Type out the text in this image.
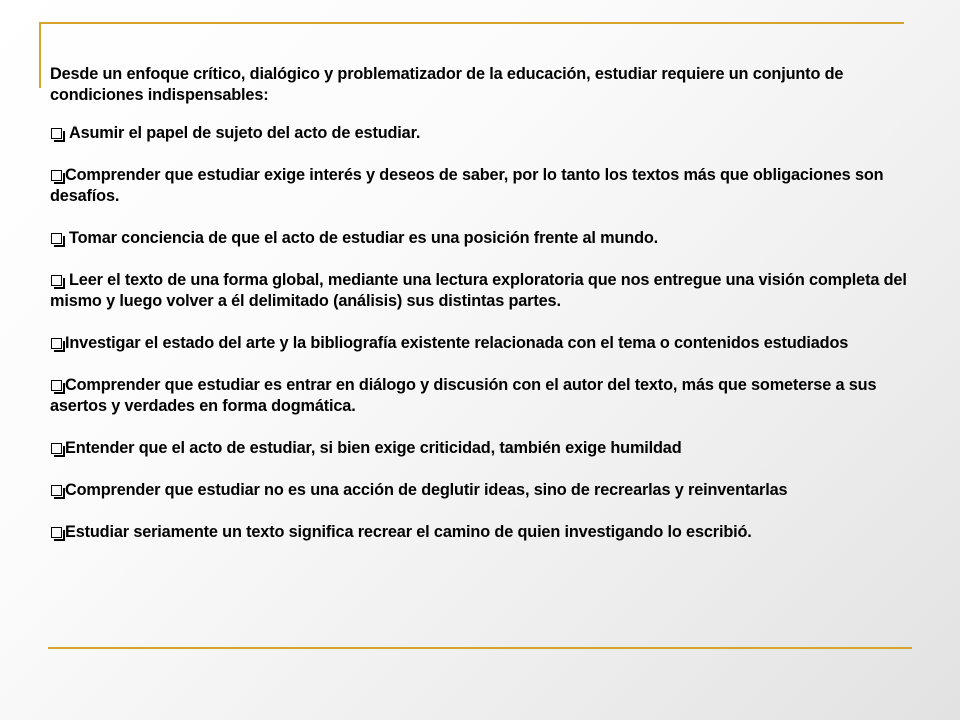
Desde un enfoque crítico, dialógico y problematizador de la educación, estudiar requiere un conjunto de condiciones indispensables:

Asumir el papel de sujeto del acto de estudiar.
Comprender que estudiar exige interés y deseos de saber, por lo tanto los textos más que obligaciones son desafíos.
Tomar conciencia de que el acto de estudiar es una posición frente al mundo.
Leer el texto de una forma global, mediante una lectura exploratoria que nos entregue una visión completa del mismo y luego volver a él delimitado (análisis) sus distintas partes.
Investigar el estado del arte y la bibliografía existente relacionada con el tema o contenidos estudiados
Comprender que estudiar es entrar en diálogo y discusión con el autor del texto, más que someterse a sus asertos y verdades en forma dogmática.
Entender que el acto de estudiar, si bien exige criticidad, también exige humildad
Comprender que estudiar no es una acción de deglutir ideas, sino de recrearlas y reinventarlas
Estudiar seriamente un texto significa recrear el camino de quien investigando lo escribió.
